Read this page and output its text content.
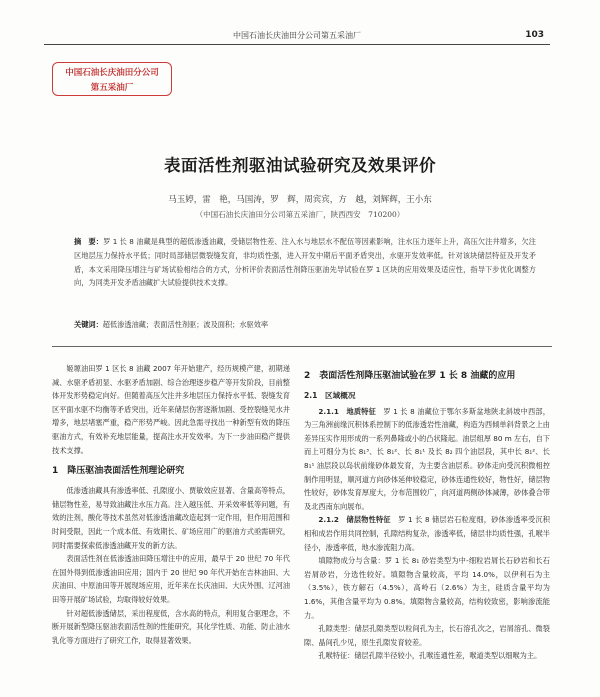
中国石油长庆油田分公司第五采油厂	103
中国石油长庆油田分公司
第五采油厂
表面活性剂驱油试验研究及效果评价
马玉婷，雷　艳，马国涛，罗　辉，周宾宾，方　越，刘辉辉，王小东
（中国石油长庆油田分公司第五采油厂，陕西西安　710200）
摘　要：罗 1 长 8 油藏是典型的超低渗透油藏，受储层物性差、注入水与地层水不配伍等因素影响，注水压力逐年上升，高压欠注井增多，欠注区地层压力保持水平低；同时局部储层微裂缝发育，非均质性强，进入开发中期后平面矛盾突出，水驱开发效率低。针对该块储层特征及开发矛盾，本文采用降压增注与矿场试验相结合的方式，分析评价表面活性剂降压驱油先导试验在罗 1 区块的应用效果及适应性，指导下步优化调整方向，为同类开发矛盾油藏扩大试验提供技术支撑。
关键词：超低渗透油藏；表面活性剂驱；波及面积；水驱效率

姬塬油田罗 1 区长 8 油藏 2007 年开始建产，经历规模产建，初期递减、水驱矛盾初显、水驱矛盾加剧、综合治理逐步稳产等开发阶段，目前整体开发形势稳定向好。但随着高压欠注井多地层压力保持水平低、裂缝发育区平面水驱不均衡等矛盾突出，近年来储层伤害逐渐加剧、受控裂缝见水井增多，地层堵塞严重，稳产形势严峻。因此急需寻找出一种新型有效的降压驱油方式，有效补充地层能量，提高注水开发效率。为下一步油田稳产提供技术支撑。

1　降压驱油表面活性剂理论研究

低渗透油藏具有渗透率低、孔隙度小、贾敏效应显著、含量高等特点，储层物性差，易导致油藏注水压力高。注入越压低、开采效率低等问题，有效的注剂，酸化等技术虽然对低渗透油藏改造起到一定作用，但作用范围和时间受限，因此一个成本低、有效期长、矿场应用广的驱油方式亟需研究，同时需要探索低渗透油藏开发的新方法。

表面活性剂在低渗透油田降压增注中的应用，最早于 20 世纪 70 年代在国外得到低渗透油田应用；国内于 20 世纪 90 年代开始在吉林油田、大庆油田、中原油田等开展现场应用，近年来在长庆油田、大庆外围、辽河油田等开展矿场试验，均取得较好效果。

针对超低渗透储层，采出程度低，含水高的特点，利用复合驱理念，不断开展新型降压驱油表面活性剂的性能研究，其化学性质、功能、防止油水乳化等方面进行了研究工作，取得显著效果。

2　表面活性剂降压驱油试验在罗 1 长 8 油藏的应用

2.1　区域概况

2.1.1　地质特征　 罗 1 长 8 油藏位于鄂尔多斯盆地陕北斜坡中西部，为三角洲前缘沉积体系控制下的低渗透岩性油藏，构造为西倾单斜背景之上由差异压实作用形成的一系列鼻隆或小的凸状隆起。油层组厚 80 m 左右，自下而上可细分为长 8₁³、长 8₁²、长 8₁¹ 及长 8₂ 四个油层段，其中长 8₁²、长 8₁¹ 油层段以岛状前缘砂体最发育，为主要含油层系。砂体走向受沉积微相控制作用明显，顺河道方向砂体延伸较稳定，砂体连通性较好，物性好，储层物性较好，砂体发育厚度大，分布范围较广，向河道两侧砂体减薄，砂体叠合带及北西南东向展布。

2.1.2　储层物性特征　 罗 1 长 8 储层岩石粒度细，砂体渗透率受沉积相和成岩作用共同控制，孔隙结构复杂，渗透率低，储层非均质性强，孔喉半径小，渗透率低，地水渗流阻力高。

填隙物成分与含量：罗 1 长 8₁ 砂岩类型为中-细粒岩屑长石砂岩和长石岩屑砂岩，分选性较好。填隙物含量较高，平均 14.0%，以伊利石为主（3.5%），铁方解石（4.5%），高岭石（2.6%）为主，硅质含量平均为 1.6%，其他含量平均为 0.8%。填隙物含量较高，结构较致密，影响渗流能力。

孔隙类型：储层孔隙类型以粒间孔为主，长石溶孔次之，岩屑溶孔、微裂隙、晶间孔少见，原生孔隙发育较差。

孔喉特征：储层孔隙半径较小，孔喉连通性差，喉道类型以细喉为主。
